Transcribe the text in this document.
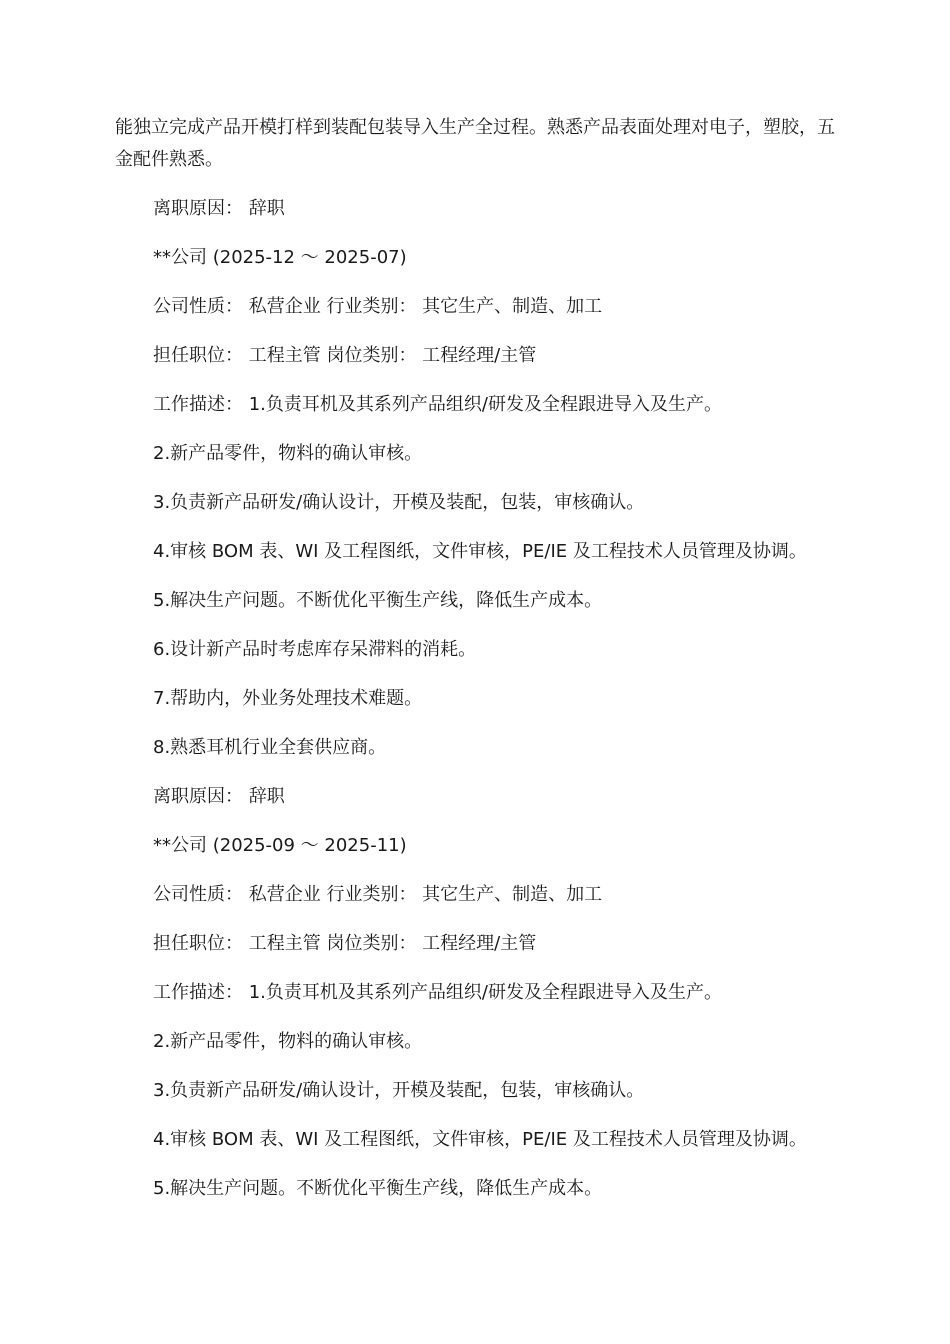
能独立完成产品开模打样到装配包装导入生产全过程。熟悉产品表面处理对电子，塑胶，五金配件熟悉。

离职原因： 辞职
**公司 (2025-12 ～ 2025-07)
公司性质： 私营企业 行业类别： 其它生产、制造、加工
担任职位： 工程主管 岗位类别： 工程经理/主管
工作描述： 1.负责耳机及其系列产品组织/研发及全程跟进导入及生产。
2.新产品零件，物料的确认审核。
3.负责新产品研发/确认设计，开模及装配，包装，审核确认。
4.审核 BOM 表、WI 及工程图纸，文件审核，PE/IE 及工程技术人员管理及协调。
5.解决生产问题。不断优化平衡生产线，降低生产成本。
6.设计新产品时考虑库存呆滞料的消耗。
7.帮助内，外业务处理技术难题。
8.熟悉耳机行业全套供应商。
离职原因： 辞职
**公司 (2025-09 ～ 2025-11)
公司性质： 私营企业 行业类别： 其它生产、制造、加工
担任职位： 工程主管 岗位类别： 工程经理/主管
工作描述： 1.负责耳机及其系列产品组织/研发及全程跟进导入及生产。
2.新产品零件，物料的确认审核。
3.负责新产品研发/确认设计，开模及装配，包装，审核确认。
4.审核 BOM 表、WI 及工程图纸，文件审核，PE/IE 及工程技术人员管理及协调。
5.解决生产问题。不断优化平衡生产线，降低生产成本。
